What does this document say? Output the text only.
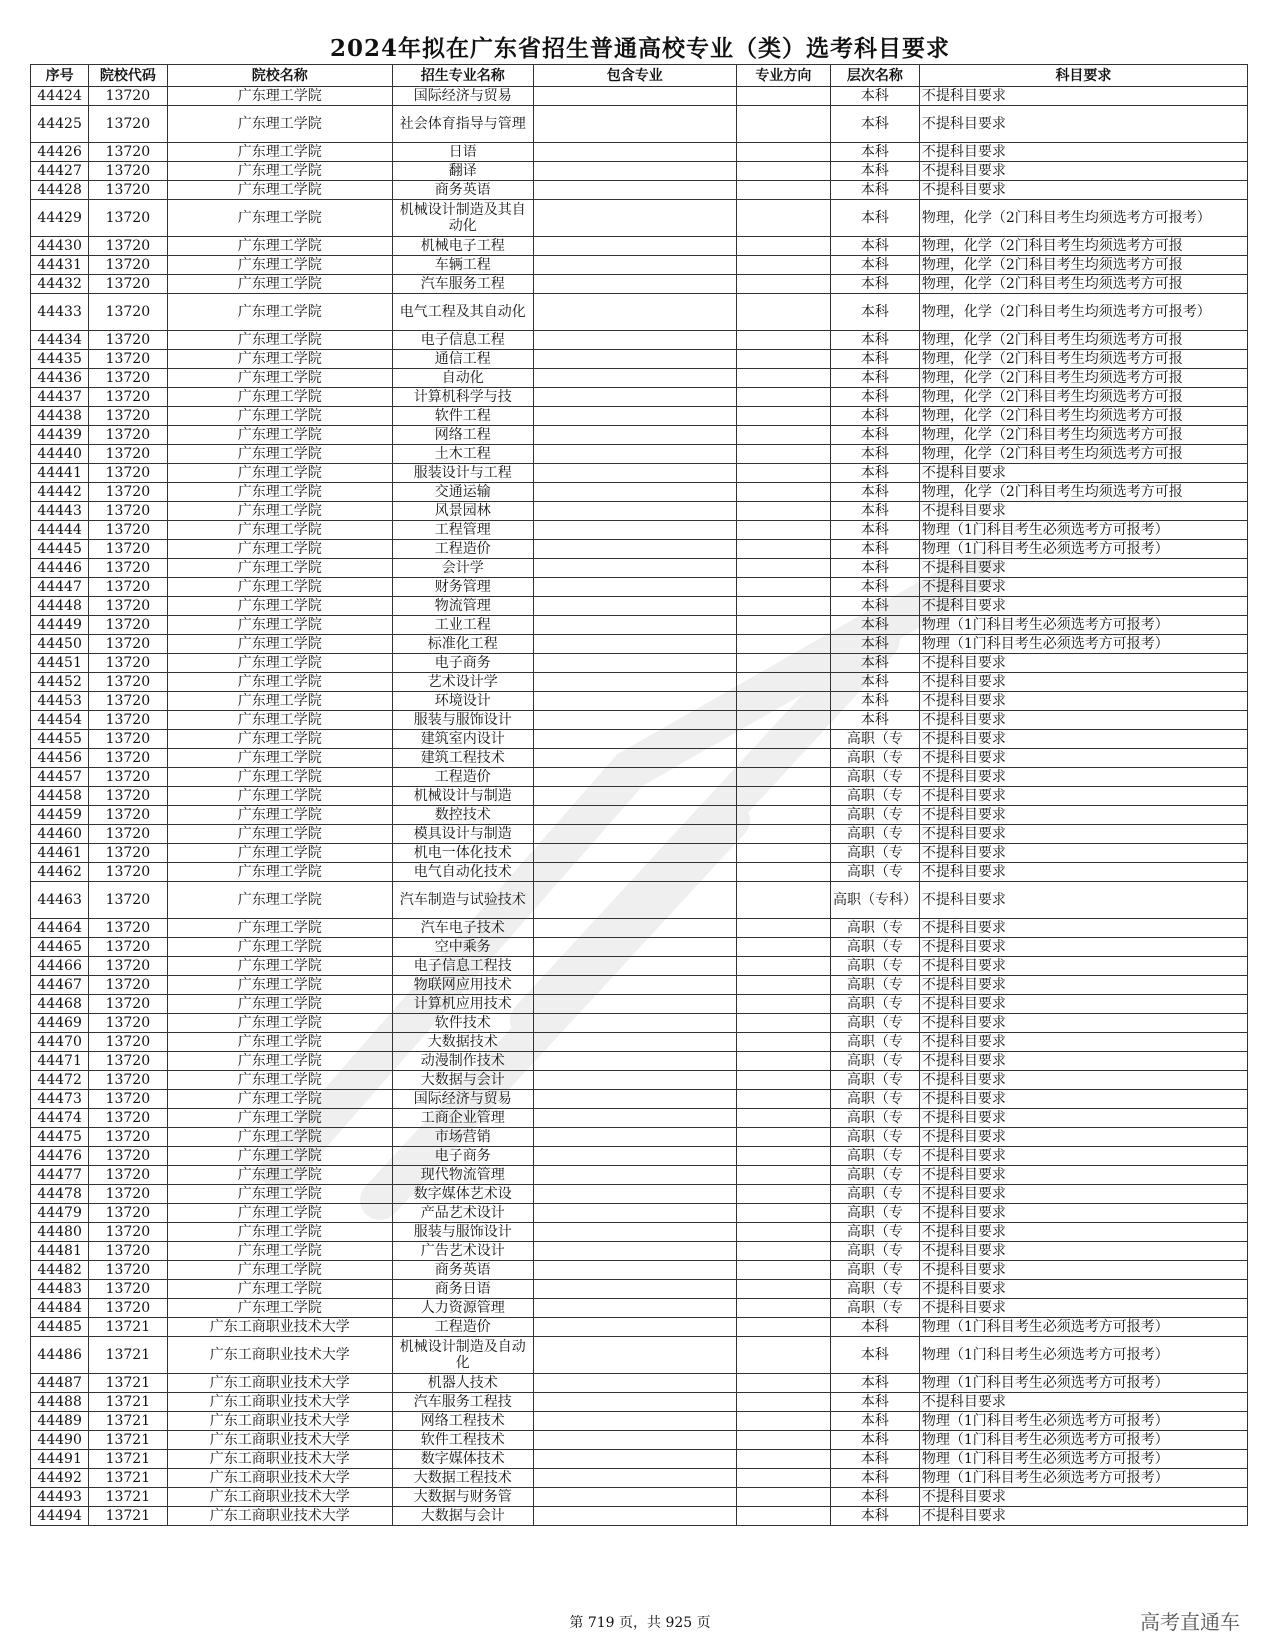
2024年拟在广东省招生普通高校专业（类）选考科目要求
序号	院校代码	院校名称	招生专业名称	包含专业	专业方向	层次名称	科目要求
44424	13720	广东理工学院	国际经济与贸易			本科	不提科目要求
44425	13720	广东理工学院	社会体育指导与管理			本科	不提科目要求
44426	13720	广东理工学院	日语			本科	不提科目要求
44427	13720	广东理工学院	翻译			本科	不提科目要求
44428	13720	广东理工学院	商务英语			本科	不提科目要求
44429	13720	广东理工学院	机械设计制造及其自动化			本科	物理，化学（2门科目考生均须选考方可报考）
44430	13720	广东理工学院	机械电子工程			本科	物理，化学（2门科目考生均须选考方可报
44431	13720	广东理工学院	车辆工程			本科	物理，化学（2门科目考生均须选考方可报
44432	13720	广东理工学院	汽车服务工程			本科	物理，化学（2门科目考生均须选考方可报
44433	13720	广东理工学院	电气工程及其自动化			本科	物理，化学（2门科目考生均须选考方可报考）
44434	13720	广东理工学院	电子信息工程			本科	物理，化学（2门科目考生均须选考方可报
44435	13720	广东理工学院	通信工程			本科	物理，化学（2门科目考生均须选考方可报
44436	13720	广东理工学院	自动化			本科	物理，化学（2门科目考生均须选考方可报
44437	13720	广东理工学院	计算机科学与技			本科	物理，化学（2门科目考生均须选考方可报
44438	13720	广东理工学院	软件工程			本科	物理，化学（2门科目考生均须选考方可报
44439	13720	广东理工学院	网络工程			本科	物理，化学（2门科目考生均须选考方可报
44440	13720	广东理工学院	土木工程			本科	物理，化学（2门科目考生均须选考方可报
44441	13720	广东理工学院	服装设计与工程			本科	不提科目要求
44442	13720	广东理工学院	交通运输			本科	物理，化学（2门科目考生均须选考方可报
44443	13720	广东理工学院	风景园林			本科	不提科目要求
44444	13720	广东理工学院	工程管理			本科	物理（1门科目考生必须选考方可报考）
44445	13720	广东理工学院	工程造价			本科	物理（1门科目考生必须选考方可报考）
44446	13720	广东理工学院	会计学			本科	不提科目要求
44447	13720	广东理工学院	财务管理			本科	不提科目要求
44448	13720	广东理工学院	物流管理			本科	不提科目要求
44449	13720	广东理工学院	工业工程			本科	物理（1门科目考生必须选考方可报考）
44450	13720	广东理工学院	标准化工程			本科	物理（1门科目考生必须选考方可报考）
44451	13720	广东理工学院	电子商务			本科	不提科目要求
44452	13720	广东理工学院	艺术设计学			本科	不提科目要求
44453	13720	广东理工学院	环境设计			本科	不提科目要求
44454	13720	广东理工学院	服装与服饰设计			本科	不提科目要求
44455	13720	广东理工学院	建筑室内设计			高职（专	不提科目要求
44456	13720	广东理工学院	建筑工程技术			高职（专	不提科目要求
44457	13720	广东理工学院	工程造价			高职（专	不提科目要求
44458	13720	广东理工学院	机械设计与制造			高职（专	不提科目要求
44459	13720	广东理工学院	数控技术			高职（专	不提科目要求
44460	13720	广东理工学院	模具设计与制造			高职（专	不提科目要求
44461	13720	广东理工学院	机电一体化技术			高职（专	不提科目要求
44462	13720	广东理工学院	电气自动化技术			高职（专	不提科目要求
44463	13720	广东理工学院	汽车制造与试验技术			高职（专科）	不提科目要求
44464	13720	广东理工学院	汽车电子技术			高职（专	不提科目要求
44465	13720	广东理工学院	空中乘务			高职（专	不提科目要求
44466	13720	广东理工学院	电子信息工程技			高职（专	不提科目要求
44467	13720	广东理工学院	物联网应用技术			高职（专	不提科目要求
44468	13720	广东理工学院	计算机应用技术			高职（专	不提科目要求
44469	13720	广东理工学院	软件技术			高职（专	不提科目要求
44470	13720	广东理工学院	大数据技术			高职（专	不提科目要求
44471	13720	广东理工学院	动漫制作技术			高职（专	不提科目要求
44472	13720	广东理工学院	大数据与会计			高职（专	不提科目要求
44473	13720	广东理工学院	国际经济与贸易			高职（专	不提科目要求
44474	13720	广东理工学院	工商企业管理			高职（专	不提科目要求
44475	13720	广东理工学院	市场营销			高职（专	不提科目要求
44476	13720	广东理工学院	电子商务			高职（专	不提科目要求
44477	13720	广东理工学院	现代物流管理			高职（专	不提科目要求
44478	13720	广东理工学院	数字媒体艺术设			高职（专	不提科目要求
44479	13720	广东理工学院	产品艺术设计			高职（专	不提科目要求
44480	13720	广东理工学院	服装与服饰设计			高职（专	不提科目要求
44481	13720	广东理工学院	广告艺术设计			高职（专	不提科目要求
44482	13720	广东理工学院	商务英语			高职（专	不提科目要求
44483	13720	广东理工学院	商务日语			高职（专	不提科目要求
44484	13720	广东理工学院	人力资源管理			高职（专	不提科目要求
44485	13721	广东工商职业技术大学	工程造价			本科	物理（1门科目考生必须选考方可报考）
44486	13721	广东工商职业技术大学	机械设计制造及自动化			本科	物理（1门科目考生必须选考方可报考）
44487	13721	广东工商职业技术大学	机器人技术			本科	物理（1门科目考生必须选考方可报考）
44488	13721	广东工商职业技术大学	汽车服务工程技			本科	不提科目要求
44489	13721	广东工商职业技术大学	网络工程技术			本科	物理（1门科目考生必须选考方可报考）
44490	13721	广东工商职业技术大学	软件工程技术			本科	物理（1门科目考生必须选考方可报考）
44491	13721	广东工商职业技术大学	数字媒体技术			本科	物理（1门科目考生必须选考方可报考）
44492	13721	广东工商职业技术大学	大数据工程技术			本科	物理（1门科目考生必须选考方可报考）
44493	13721	广东工商职业技术大学	大数据与财务管			本科	不提科目要求
44494	13721	广东工商职业技术大学	大数据与会计			本科	不提科目要求
第 719 页，共 925 页	高考直通车
